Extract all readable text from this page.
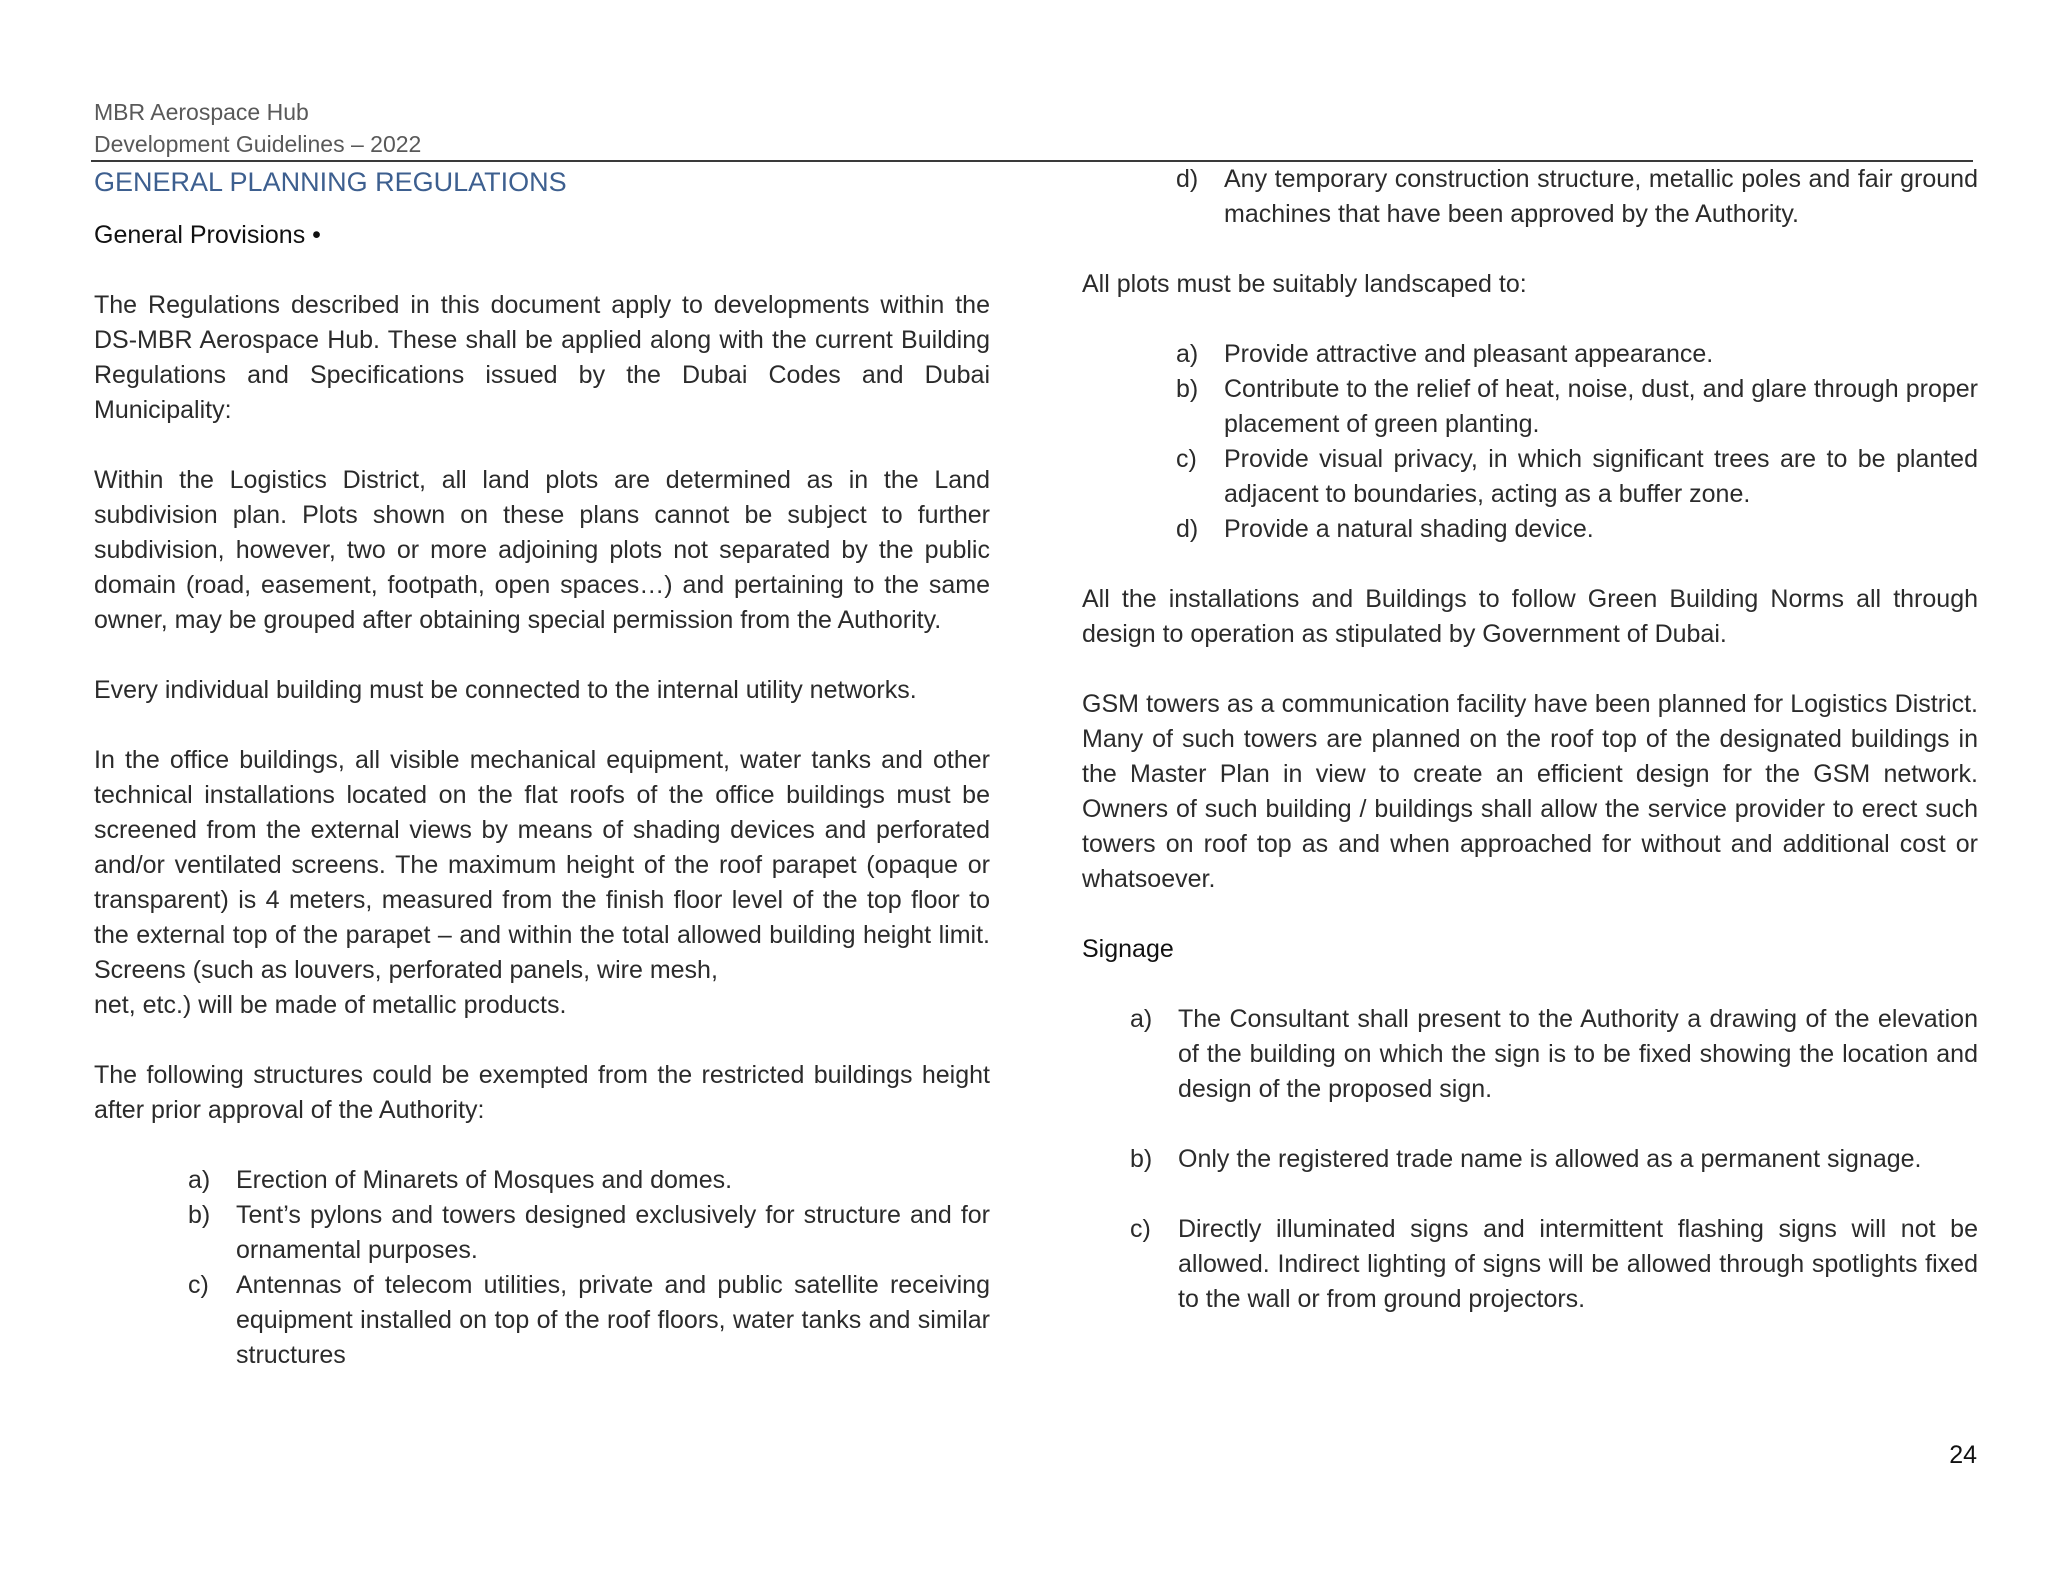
MBR Aerospace Hub
Development Guidelines – 2022
GENERAL PLANNING REGULATIONS
General Provisions •

The Regulations described in this document apply to developments within the DS-MBR Aerospace Hub. These shall be applied along with the current Building Regulations and Specifications issued by the Dubai Codes and Dubai Municipality:

Within the Logistics District, all land plots are determined as in the Land subdivision plan. Plots shown on these plans cannot be subject to further subdivision, however, two or more adjoining plots not separated by the public domain (road, easement, footpath, open spaces…) and pertaining to the same owner, may be grouped after obtaining special permission from the Authority.

Every individual building must be connected to the internal utility networks.

In the office buildings, all visible mechanical equipment, water tanks and other technical installations located on the flat roofs of the office buildings must be screened from the external views by means of shading devices and perforated and/or ventilated screens. The maximum height of the roof parapet (opaque or transparent) is 4 meters, measured from the finish floor level of the top floor to the external top of the parapet – and within the total allowed building height limit. Screens (such as louvers, perforated panels, wire mesh,

net, etc.) will be made of metallic products.

The following structures could be exempted from the restricted buildings height after prior approval of the Authority:

a)	Erection of Minarets of Mosques and domes.
b)	Tent’s pylons and towers designed exclusively for structure and for ornamental purposes.
c)	Antennas of telecom utilities, private and public satellite receiving equipment installed on top of the roof floors, water tanks and similar structures
d)	Any temporary construction structure, metallic poles and fair ground machines that have been approved by the Authority.

All plots must be suitably landscaped to:

a)	Provide attractive and pleasant appearance.
b)	Contribute to the relief of heat, noise, dust, and glare through proper placement of green planting.
c)	Provide visual privacy, in which significant trees are to be planted adjacent to boundaries, acting as a buffer zone.
d)	Provide a natural shading device.

All the installations and Buildings to follow Green Building Norms all through design to operation as stipulated by Government of Dubai.

GSM towers as a communication facility have been planned for Logistics District. Many of such towers are planned on the roof top of the designated buildings in the Master Plan in view to create an efficient design for the GSM network. Owners of such building / buildings shall allow the service provider to erect such towers on roof top as and when approached for without and additional cost or whatsoever.

Signage
a)	The Consultant shall present to the Authority a drawing of the elevation of the building on which the sign is to be fixed showing the location and design of the proposed sign.
b)	Only the registered trade name is allowed as a permanent signage.
c)	Directly illuminated signs and intermittent flashing signs will not be allowed. Indirect lighting of signs will be allowed through spotlights fixed to the wall or from ground projectors.
24
